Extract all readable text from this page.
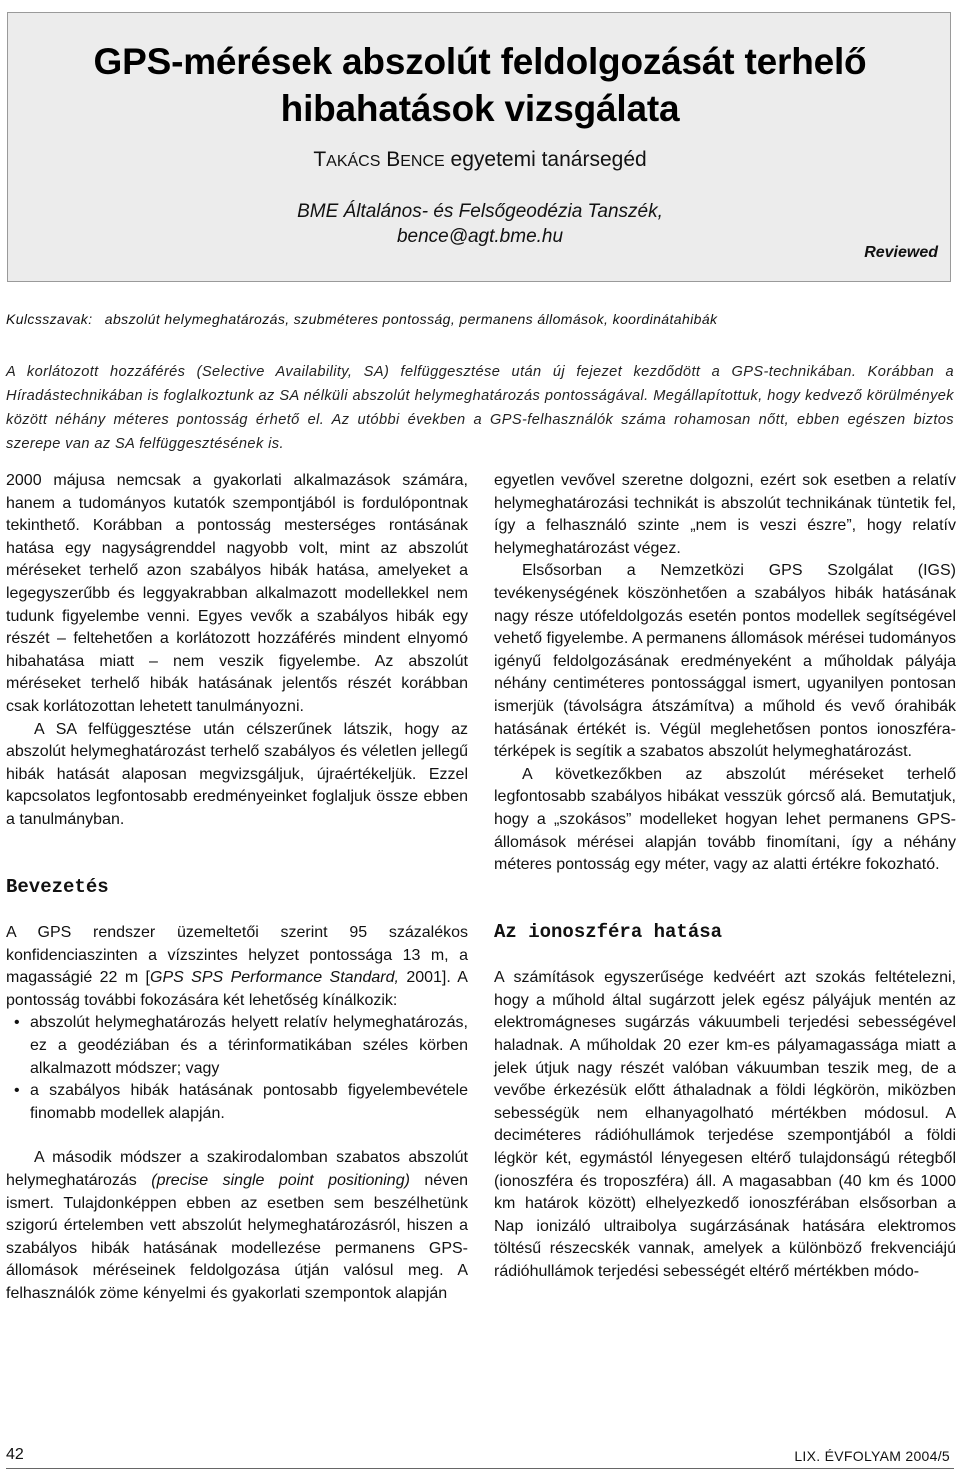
GPS-mérések abszolút feldolgozását terhelő hibahatások vizsgálata
TAKÁCS BENCE egyetemi tanársegéd
BME Általános- és Felsőgeodézia Tanszék,
bence@agt.bme.hu
Reviewed
Kulcsszavak: abszolút helymeghatározás, szubméteres pontosság, permanens állomások, koordinátahibák
A korlátozott hozzáférés (Selective Availability, SA) felfüggesztése után új fejezet kezdődött a GPS-technikában. Korábban a Híradástechnikában is foglalkoztunk az SA nélküli abszolút helymeghatározás pontosságával. Megállapítottuk, hogy kedvező körülmények között néhány méteres pontosság érhető el. Az utóbbi években a GPS-felhasználók száma rohamosan nőtt, ebben egészen biztos szerepe van az SA felfüggesztésének is.

2000 májusa nemcsak a gyakorlati alkalmazások számára, hanem a tudományos kutatók szempontjából is fordulópontnak tekinthető. Korábban a pontosság mesterséges rontásának hatása egy nagyságrenddel nagyobb volt, mint az abszolút méréseket terhelő azon szabályos hibák hatása, amelyeket a legegyszerűbb és leggyakrabban alkalmazott modellekkel nem tudunk figyelembe venni. Egyes vevők a szabályos hibák egy részét – feltehetően a korlátozott hozzáférés mindent elnyomó hibahatása miatt – nem veszik figyelembe. Az abszolút méréseket terhelő hibák hatásának jelentős részét korábban csak korlátozottan lehetett tanulmányozni.

A SA felfüggesztése után célszerűnek látszik, hogy az abszolút helymeghatározást terhelő szabályos és véletlen jellegű hibák hatását alaposan megvizsgáljuk, újraértékeljük. Ezzel kapcsolatos legfontosabb eredményeinket foglaljuk össze ebben a tanulmányban.

Bevezetés

A GPS rendszer üzemeltetői szerint 95 százalékos konfidenciaszinten a vízszintes helyzet pontossága 13 m, a magasságié 22 m [GPS SPS Performance Standard, 2001]. A pontosság további fokozására két lehetőség kínálkozik:

• abszolút helymeghatározás helyett relatív helymeghatározás, ez a geodéziában és a térinformatikában széles körben alkalmazott módszer; vagy
• a szabályos hibák hatásának pontosabb figyelembevétele finomabb modellek alapján.

A második módszer a szakirodalomban szabatos abszolút helymeghatározás (precise single point positioning) néven ismert. Tulajdonképpen ebben az esetben sem beszélhetünk szigorú értelemben vett abszolút helymeghatározásról, hiszen a szabályos hibák hatásának modellezése permanens GPS-állomások méréseinek feldolgozása útján valósul meg. A felhasználók zöme kényelmi és gyakorlati szempontok alapján

egyetlen vevővel szeretne dolgozni, ezért sok esetben a relatív helymeghatározási technikát is abszolút technikának tüntetik fel, így a felhasználó szinte „nem is veszi észre”, hogy relatív helymeghatározást végez.

Elsősorban a Nemzetközi GPS Szolgálat (IGS) tevékenységének köszönhetően a szabályos hibák hatásának nagy része utófeldolgozás esetén pontos modellek segítségével vehető figyelembe. A permanens állomások mérései tudományos igényű feldolgozásának eredményeként a műholdak pályája néhány centiméteres pontossággal ismert, ugyanilyen pontosan ismerjük (távolságra átszámítva) a műhold és vevő órahibák hatásának értékét is. Végül meglehetősen pontos ionoszféra-térképek is segítik a szabatos abszolút helymeghatározást.

A következőkben az abszolút méréseket terhelő legfontosabb szabályos hibákat vesszük górcső alá. Bemutatjuk, hogy a „szokásos” modelleket hogyan lehet permanens GPS-állomások mérései alapján tovább finomítani, így a néhány méteres pontosság egy méter, vagy az alatti értékre fokozható.

Az ionoszféra hatása

A számítások egyszerűsége kedvéért azt szokás feltételezni, hogy a műhold által sugárzott jelek egész pályájuk mentén az elektromágneses sugárzás vákuumbeli terjedési sebességével haladnak. A műholdak 20 ezer km-es pályamagassága miatt a jelek útjuk nagy részét valóban vákuumban teszik meg, de a vevőbe érkezésük előtt áthaladnak a földi légkörön, miközben sebességük nem elhanyagolható mértékben módosul. A deciméteres rádióhullámok terjedése szempontjából a földi légkör két, egymástól lényegesen eltérő tulajdonságú rétegből (ionoszféra és troposzféra) áll. A magasabban (40 km és 1000 km határok között) elhelyezkedő ionoszférában elsősorban a Nap ionizáló ultraibolya sugárzásának hatására elektromos töltésű részecskék vannak, amelyek a különböző frekvenciájú rádióhullámok terjedési sebességét eltérő mértékben módo-

42	LIX. ÉVFOLYAM 2004/5
